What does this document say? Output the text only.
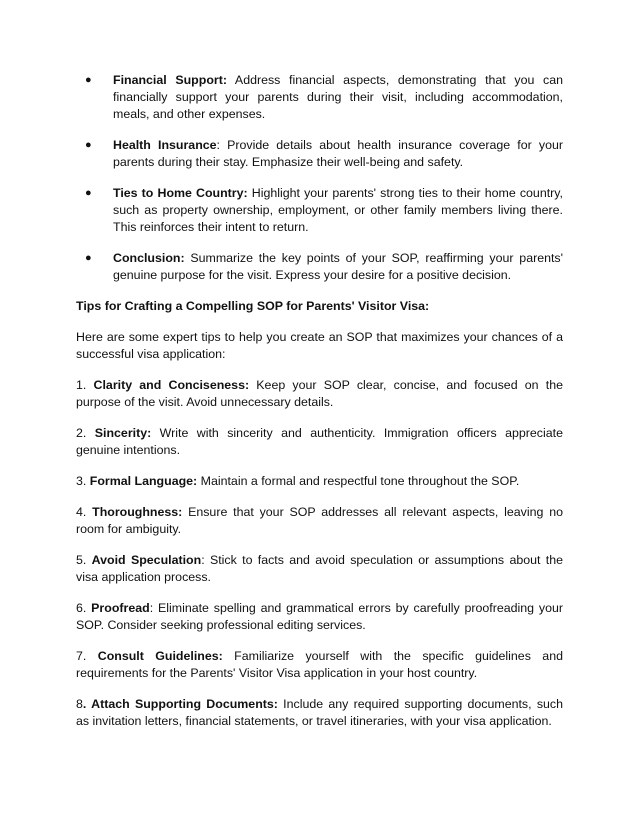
● Financial Support: Address financial aspects, demonstrating that you can financially support your parents during their visit, including accommodation, meals, and other expenses.
● Health Insurance: Provide details about health insurance coverage for your parents during their stay. Emphasize their well-being and safety.
● Ties to Home Country: Highlight your parents' strong ties to their home country, such as property ownership, employment, or other family members living there. This reinforces their intent to return.
● Conclusion: Summarize the key points of your SOP, reaffirming your parents' genuine purpose for the visit. Express your desire for a positive decision.
Tips for Crafting a Compelling SOP for Parents' Visitor Visa:

Here are some expert tips to help you create an SOP that maximizes your chances of a successful visa application:

1. Clarity and Conciseness: Keep your SOP clear, concise, and focused on the purpose of the visit. Avoid unnecessary details.

2. Sincerity: Write with sincerity and authenticity. Immigration officers appreciate genuine intentions.

3. Formal Language: Maintain a formal and respectful tone throughout the SOP.

4. Thoroughness: Ensure that your SOP addresses all relevant aspects, leaving no room for ambiguity.

5. Avoid Speculation: Stick to facts and avoid speculation or assumptions about the visa application process.

6. Proofread: Eliminate spelling and grammatical errors by carefully proofreading your SOP. Consider seeking professional editing services.

7. Consult Guidelines: Familiarize yourself with the specific guidelines and requirements for the Parents' Visitor Visa application in your host country.

8. Attach Supporting Documents: Include any required supporting documents, such as invitation letters, financial statements, or travel itineraries, with your visa application.
